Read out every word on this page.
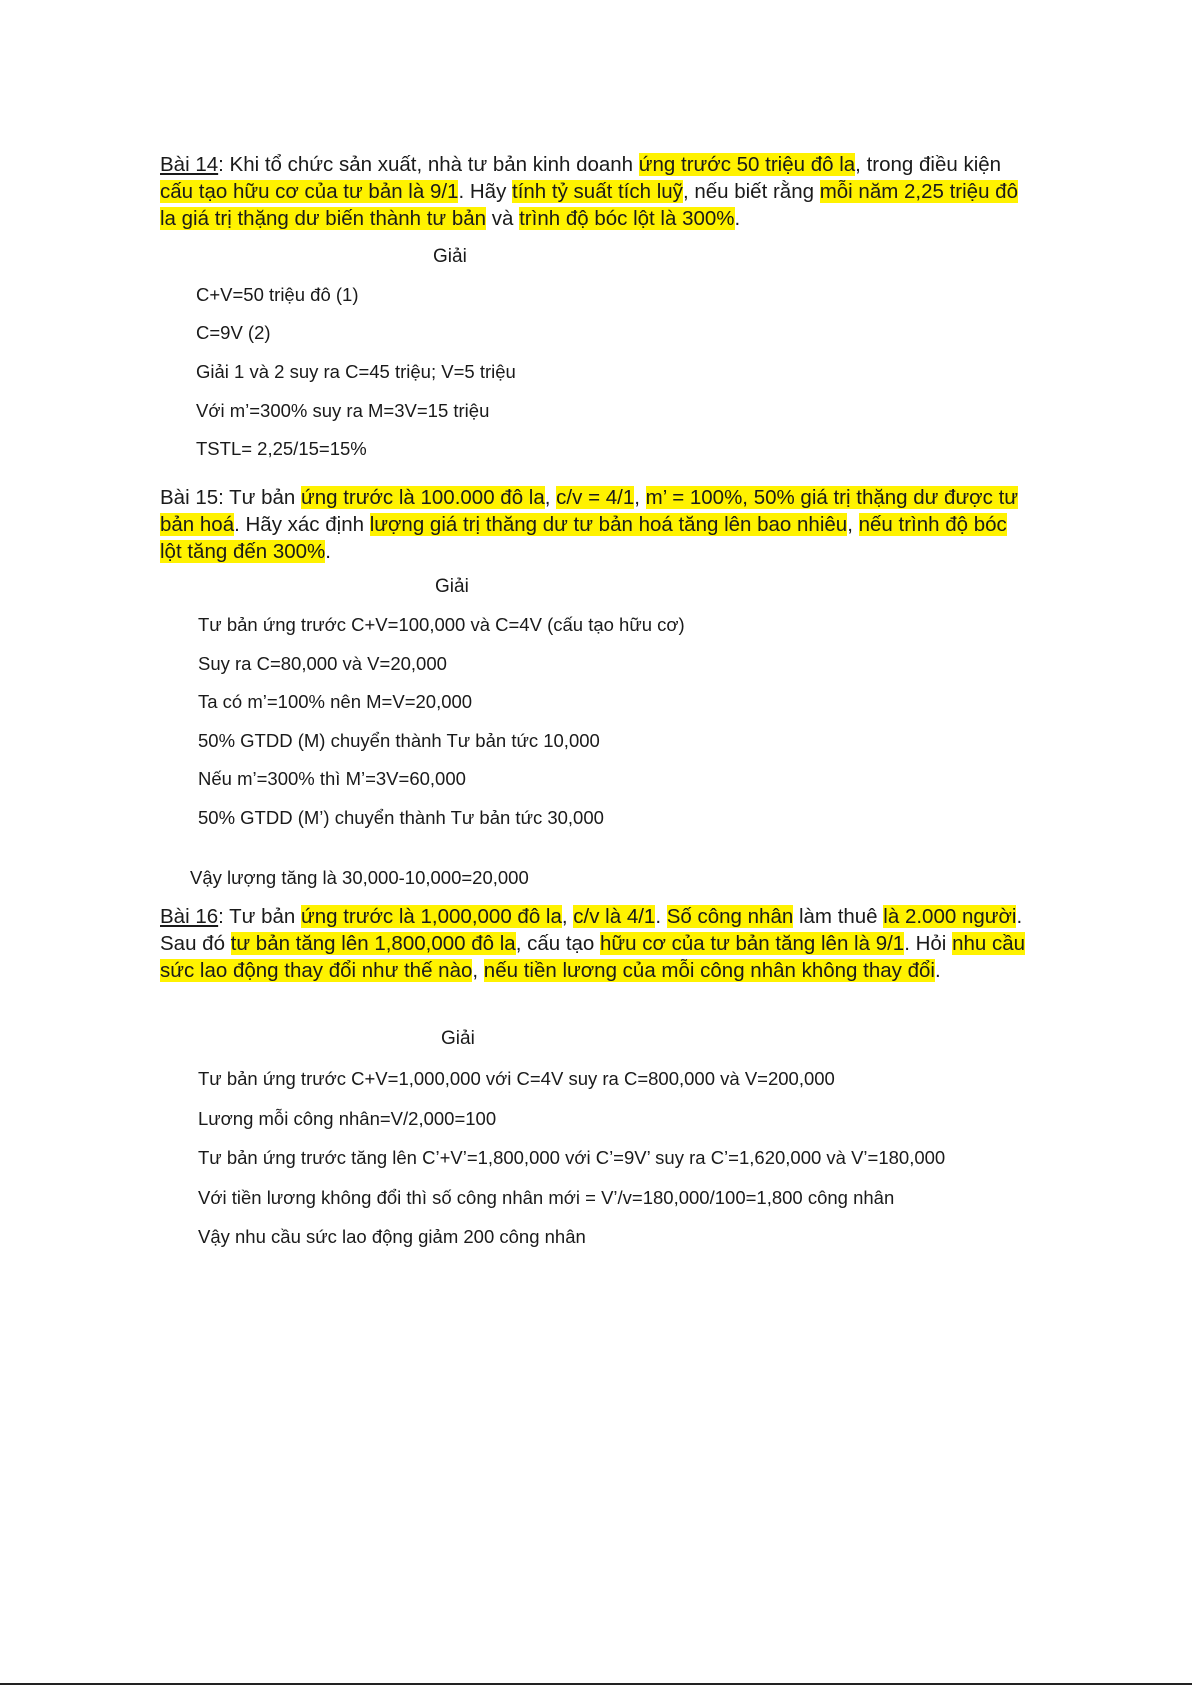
Bài 14: Khi tổ chức sản xuất, nhà tư bản kinh doanh ứng trước 50 triệu đô la, trong điều kiện cấu tạo hữu cơ của tư bản là 9/1. Hãy tính tỷ suất tích luỹ, nếu biết rằng mỗi năm 2,25 triệu đô la giá trị thặng dư biến thành tư bản và trình độ bóc lột là 300%.
Giải
C+V=50 triệu đô (1)
C=9V (2)
Giải 1 và 2 suy ra C=45 triệu; V=5 triệu
Với m’=300% suy ra M=3V=15 triệu
TSTL= 2,25/15=15%
Bài 15: Tư bản ứng trước là 100.000 đô la, c/v = 4/1, m’ = 100%, 50% giá trị thặng dư được tư bản hoá. Hãy xác định lượng giá trị thăng dư tư bản hoá tăng lên bao nhiêu, nếu trình độ bóc lột tăng đến 300%.
Giải
Tư bản ứng trước C+V=100,000 và C=4V (cấu tạo hữu cơ)
Suy ra C=80,000 và V=20,000
Ta có m’=100% nên M=V=20,000
50% GTDD (M) chuyển thành Tư bản tức 10,000
Nếu m’=300% thì M’=3V=60,000
50% GTDD (M’) chuyển thành Tư bản tức 30,000
Vậy lượng tăng là 30,000-10,000=20,000
Bài 16: Tư bản ứng trước là 1,000,000 đô la, c/v là 4/1. Số công nhân làm thuê là 2.000 người. Sau đó tư bản tăng lên 1,800,000 đô la, cấu tạo hữu cơ của tư bản tăng lên là 9/1. Hỏi nhu cầu sức lao động thay đổi như thế nào, nếu tiền lương của mỗi công nhân không thay đổi.
Giải
Tư bản ứng trước C+V=1,000,000 với C=4V suy ra C=800,000 và V=200,000
Lương mỗi công nhân=V/2,000=100
Tư bản ứng trước tăng lên C’+V’=1,800,000 với C’=9V’ suy ra C’=1,620,000 và V’=180,000
Với tiền lương không đổi thì số công nhân mới = V’/v=180,000/100=1,800 công nhân
Vậy nhu cầu sức lao động giảm 200 công nhân
